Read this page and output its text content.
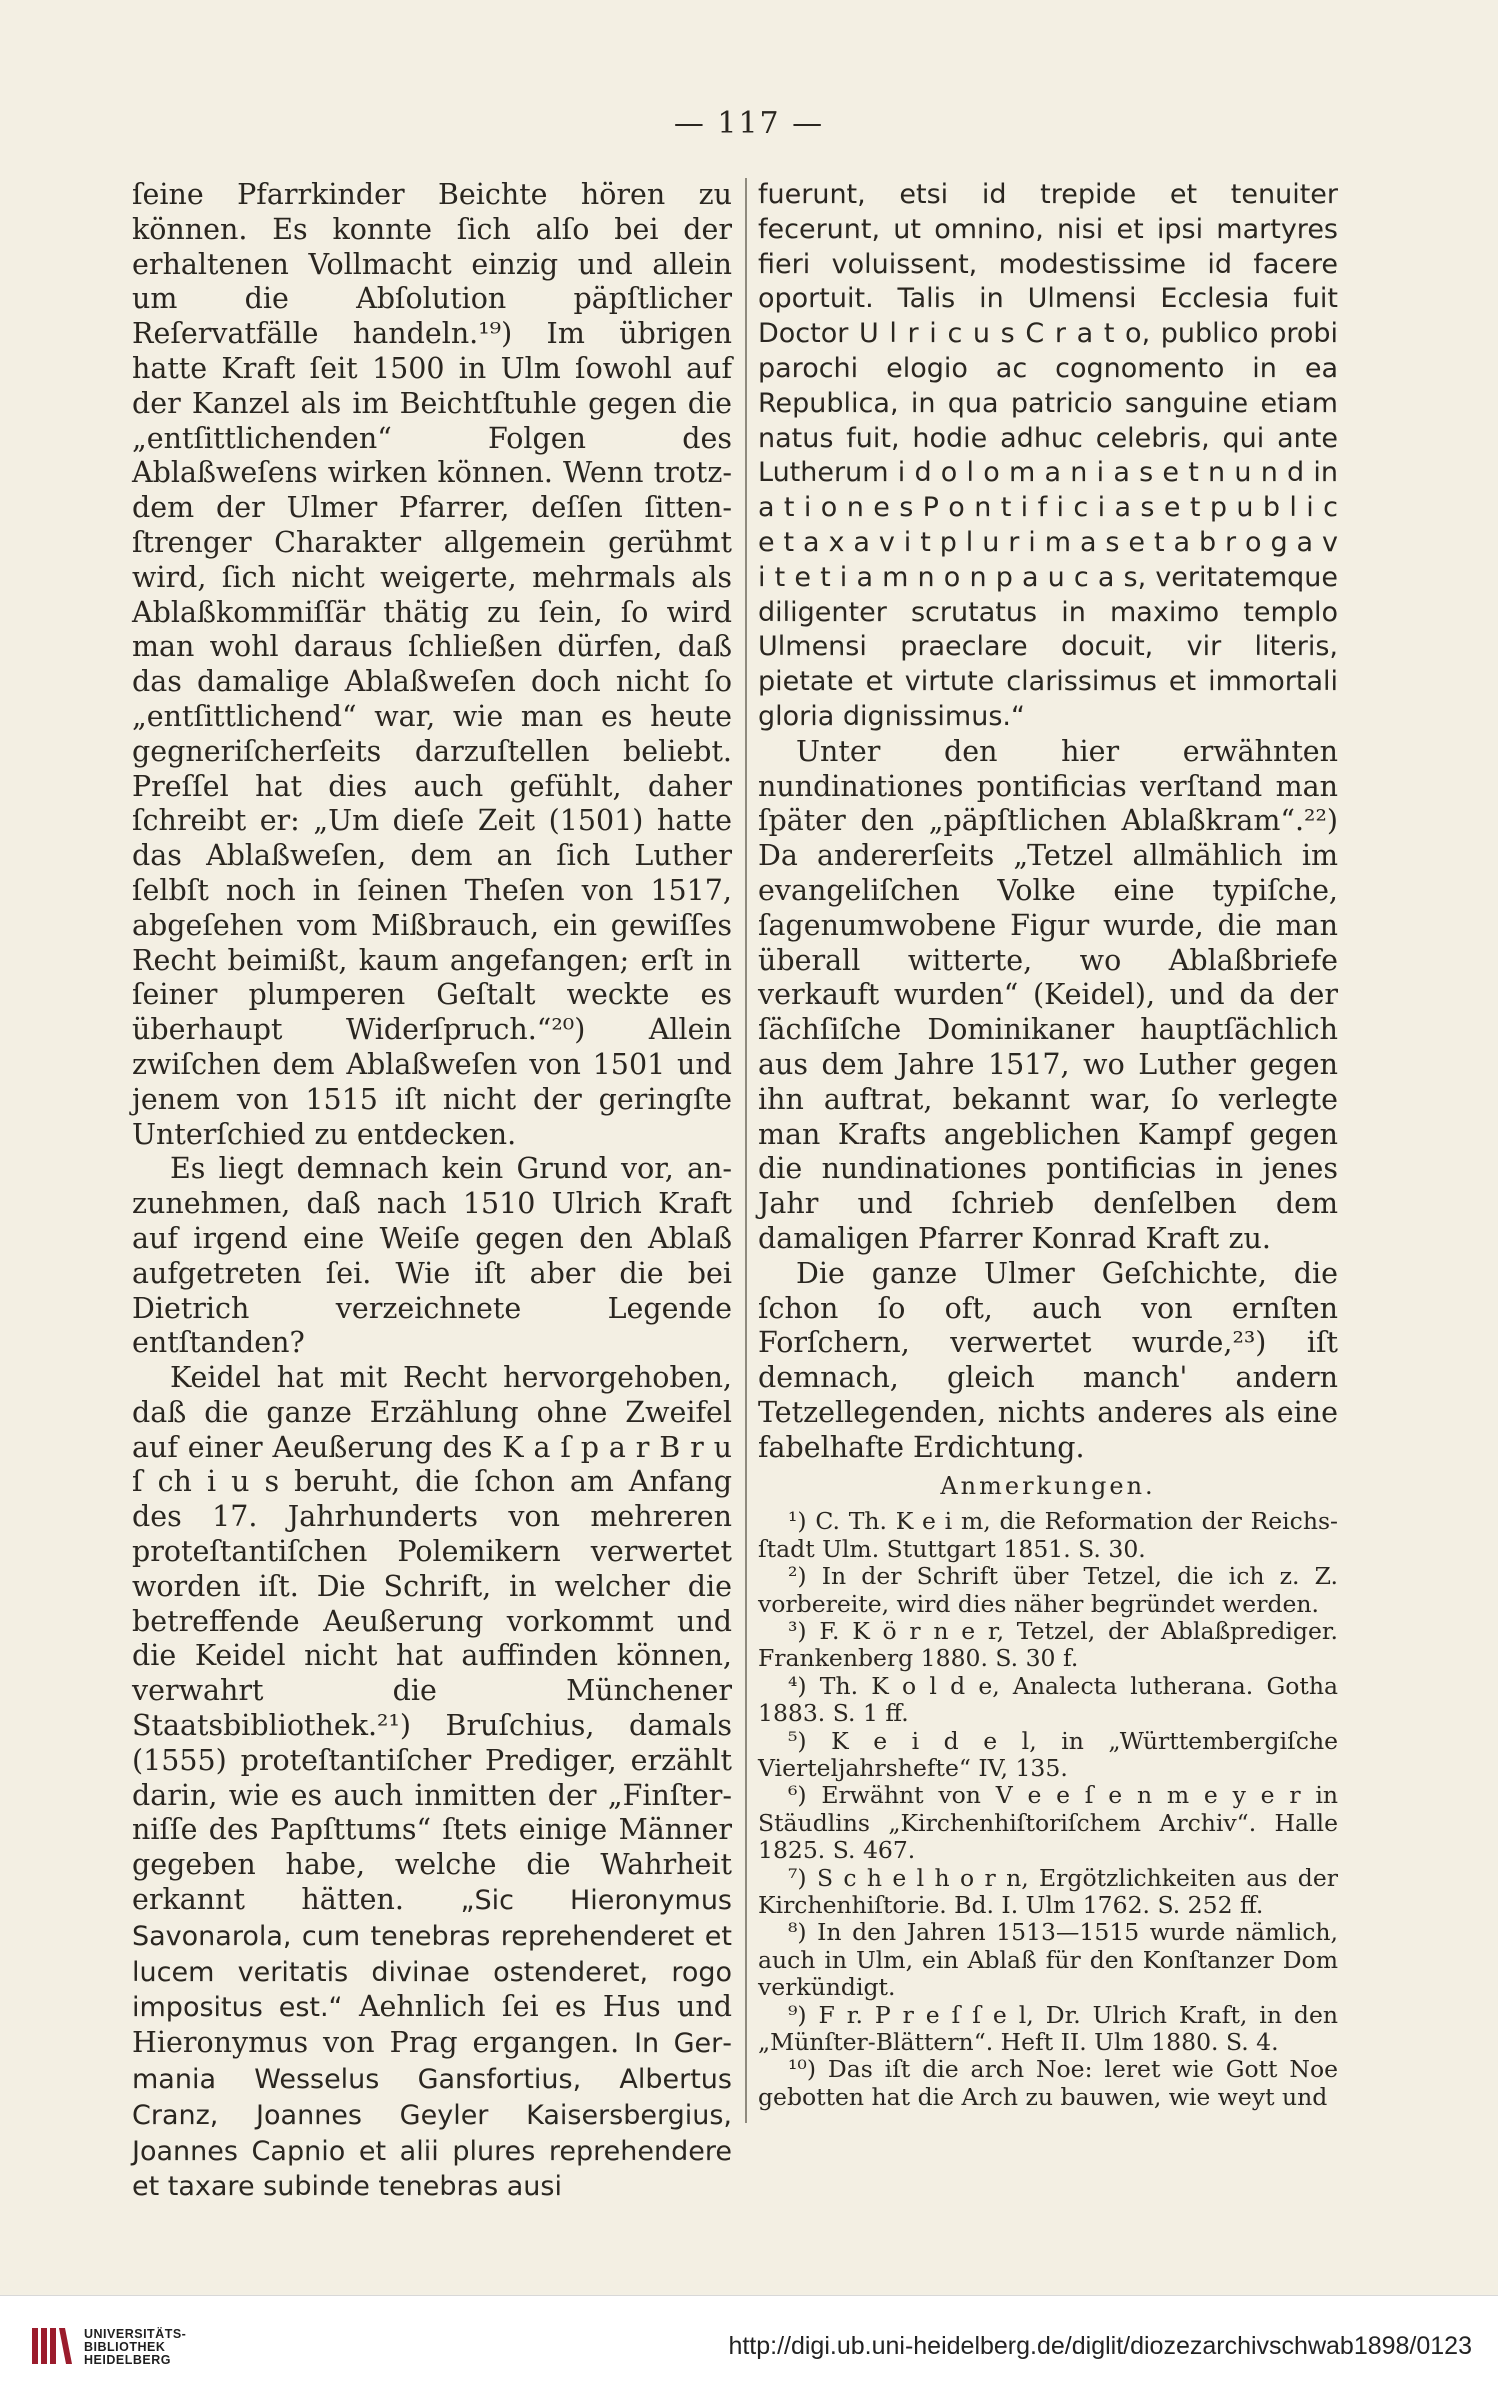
— 117 —

ſeine Pfarrkinder Beichte hören zu können. Es konnte ſich alſo bei der erhaltenen Vollmacht einzig und allein um die Abſolution päpſtlicher Reſervatfälle handeln.¹⁹) Im übrigen hatte Kraft ſeit 1500 in Ulm ſowohl auf der Kanzel als im Beichtſtuhle gegen die „entſittlichenden“ Folgen des Ablaßweſens wirken können. Wenn trotzdem der Ulmer Pfarrer, deſſen ſittenſtrenger Charakter allgemein gerühmt wird, ſich nicht weigerte, mehrmals als Ablaßkommiſſär thätig zu ſein, ſo wird man wohl daraus ſchließen dürfen, daß das damalige Ablaßweſen doch nicht ſo „entſittlichend“ war, wie man es heute gegneriſcherſeits darzuſtellen beliebt. Preſſel hat dies auch gefühlt, daher ſchreibt er: „Um dieſe Zeit (1501) hatte das Ablaßweſen, dem an ſich Luther ſelbſt noch in ſeinen Theſen von 1517, abgeſehen vom Mißbrauch, ein gewiſſes Recht beimißt, kaum angefangen; erſt in ſeiner plumperen Geſtalt weckte es überhaupt Widerſpruch.“²⁰) Allein zwiſchen dem Ablaßweſen von 1501 und jenem von 1515 iſt nicht der geringſte Unterſchied zu entdecken.

Es liegt demnach kein Grund vor, anzunehmen, daß nach 1510 Ulrich Kraft auf irgend eine Weiſe gegen den Ablaß aufgetreten ſei. Wie iſt aber die bei Dietrich verzeichnete Legende entſtanden?

Keidel hat mit Recht hervorgehoben, daß die ganze Erzählung ohne Zweifel auf einer Aeußerung des K a ſ p a r B r u ſ ch i u s beruht, die ſchon am Anfang des 17. Jahrhunderts von mehreren proteſtantiſchen Polemikern verwertet worden iſt. Die Schrift, in welcher die betreffende Aeußerung vorkommt und die Keidel nicht hat auffinden können, verwahrt die Münchener Staatsbibliothek.²¹) Bruſchius, damals (1555) proteſtantiſcher Prediger, erzählt darin, wie es auch inmitten der „Finſterniſſe des Papſttums“ ſtets einige Männer gegeben habe, welche die Wahrheit erkannt hätten. „Sic Hieronymus Savonarola, cum tenebras reprehenderet et lucem veritatis divinae ostenderet, rogo impositus est.“ Aehnlich ſei es Hus und Hieronymus von Prag ergangen. In Germania Wesselus Gansfortius, Albertus Cranz, Joannes Geyler Kaisersbergius, Joannes Capnio et alii plures reprehendere et taxare subinde tenebras ausi

fuerunt, etsi id trepide et tenuiter fecerunt, ut omnino, nisi et ipsi martyres fieri voluissent, modestissime id facere oportuit. Talis in Ulmensi Ecclesia fuit Doctor U l r i c u s C r a t o, publico probi parochi elogio ac cognomento in ea Republica, in qua patricio sanguine etiam natus fuit, hodie adhuc celebris, qui ante Lutherum i d o l o m a n i a s e t n u n d in a t i o n e s P o n t i f i c i a s e t p u b l i c e t a x a v i t p l u r i m a s e t a b r o g a v i t e t i a m n o n p a u c a s, veritatemque diligenter scrutatus in maximo templo Ulmensi praeclare docuit, vir literis, pietate et virtute clarissimus et immortali gloria dignissimus.“

Unter den hier erwähnten nundinationes pontificias verſtand man ſpäter den „päpſtlichen Ablaßkram“.²²) Da andererſeits „Tetzel allmählich im evangeliſchen Volke eine typiſche, ſagenumwobene Figur wurde, die man überall witterte, wo Ablaßbriefe verkauft wurden“ (Keidel), und da der ſächſiſche Dominikaner hauptſächlich aus dem Jahre 1517, wo Luther gegen ihn auftrat, bekannt war, ſo verlegte man Krafts angeblichen Kampf gegen die nundinationes pontificias in jenes Jahr und ſchrieb denſelben dem damaligen Pfarrer Konrad Kraft zu.

Die ganze Ulmer Geſchichte, die ſchon ſo oft, auch von ernſten Forſchern, verwertet wurde,²³) iſt demnach, gleich manch' andern Tetzellegenden, nichts anderes als eine fabelhafte Erdichtung.

Anmerkungen.

¹) C. Th. K e i m, die Reformation der Reichsſtadt Ulm. Stuttgart 1851. S. 30.

²) In der Schrift über Tetzel, die ich z. Z. vorbereite, wird dies näher begründet werden.

³) F. K ö r n e r, Tetzel, der Ablaßprediger. Frankenberg 1880. S. 30 f.

⁴) Th. K o l d e, Analecta lutherana. Gotha 1883. S. 1 ff.

⁵) K e i d e l, in „Württembergiſche Vierteljahrshefte“ IV, 135.

⁶) Erwähnt von V e e ſ e n m e y e r in Stäudlins „Kirchenhiſtoriſchem Archiv“. Halle 1825. S. 467.

⁷) S c h e l h o r n, Ergötzlichkeiten aus der Kirchenhiſtorie. Bd. I. Ulm 1762. S. 252 ff.

⁸) In den Jahren 1513—1515 wurde nämlich, auch in Ulm, ein Ablaß für den Konſtanzer Dom verkündigt.

⁹) F r. P r e ſ ſ e l, Dr. Ulrich Kraft, in den „Münſter-Blättern“. Heft II. Ulm 1880. S. 4.

¹⁰) Das iſt die arch Noe: leret wie Gott Noe gebotten hat die Arch zu bauwen, wie weyt und

UNIVERSITÄTS-
BIBLIOTHEK
HEIDELBERG	http://digi.ub.uni-heidelberg.de/diglit/diozezarchivschwab1898/0123
